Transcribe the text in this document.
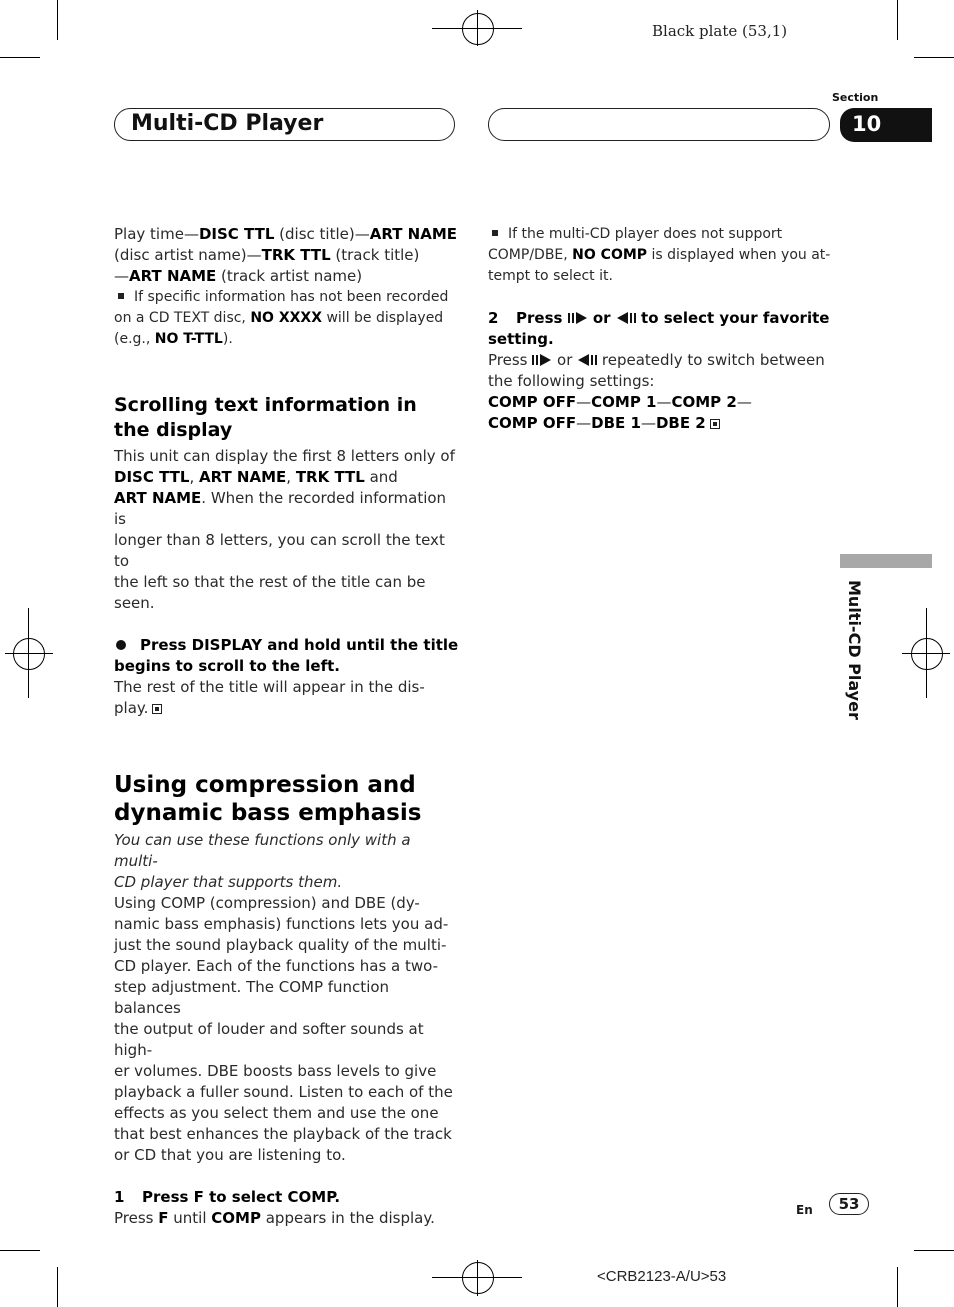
Black plate (53,1)
Multi-CD Player
Section
10

Play time—DISC TTL (disc title)—ART NAME

(disc artist name)—TRK TTL (track title)

—ART NAME (track artist name)

If specific information has not been recorded

on a CD TEXT disc, NO XXXX will be displayed

(e.g., NO T-TTL).

Scrolling text information in

the display

This unit can display the first 8 letters only of

DISC TTL, ART NAME, TRK TTL and

ART NAME. When the recorded information is

longer than 8 letters, you can scroll the text to

the left so that the rest of the title can be seen.

Press DISPLAY and hold until the title

begins to scroll to the left.

The rest of the title will appear in the dis-

play.

Using compression and

dynamic bass emphasis

You can use these functions only with a multi-

CD player that supports them.

Using COMP (compression) and DBE (dy-

namic bass emphasis) functions lets you ad-

just the sound playback quality of the multi-

CD player. Each of the functions has a two-

step adjustment. The COMP function balances

the output of louder and softer sounds at high-

er volumes. DBE boosts bass levels to give

playback a fuller sound. Listen to each of the

effects as you select them and use the one

that best enhances the playback of the track

or CD that you are listening to.

1 Press F to select COMP.

Press F until COMP appears in the display.

If the multi-CD player does not support

COMP/DBE, NO COMP is displayed when you at-

tempt to select it.

2 Press  or  to select your favorite

setting.

Press  or  repeatedly to switch between

the following settings:

COMP OFF—COMP 1—COMP 2—

COMP OFF—DBE 1—DBE 2

Multi-CD Player
En	53
<CRB2123-A/U>53
